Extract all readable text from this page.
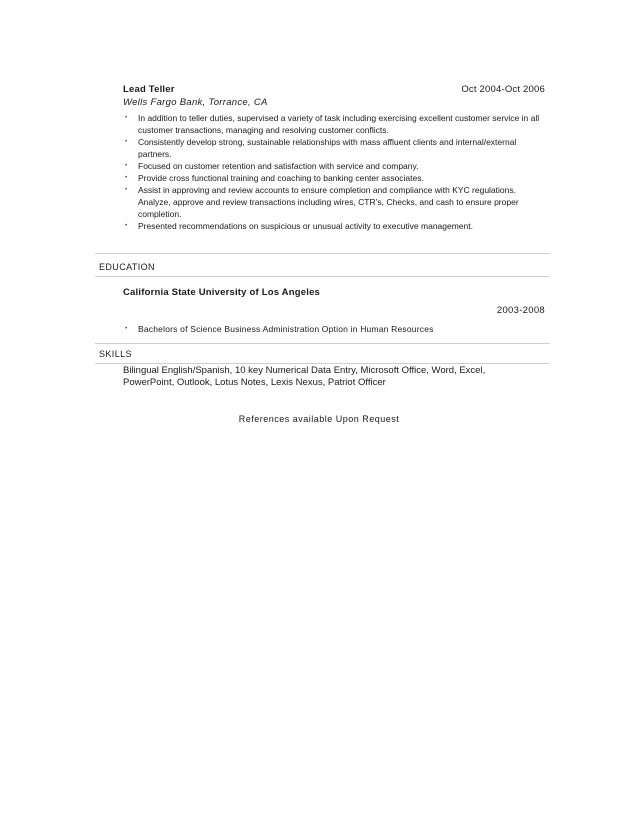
Lead Teller	Oct 2004-Oct 2006
Wells Fargo Bank, Torrance, CA
• In addition to teller duties, supervised a variety of task including exercising excellent customer service in all customer transactions, managing and resolving customer conflicts.
• Consistently develop strong, sustainable relationships with mass affluent clients and internal/external partners.
• Focused on customer retention and satisfaction with service and company.
• Provide cross functional training and coaching to banking center associates.
• Assist in approving and review accounts to ensure completion and compliance with KYC regulations. Analyze, approve and review transactions including wires, CTR’s, Checks, and cash to ensure proper completion.
• Presented recommendations on suspicious or unusual activity to executive management.
EDUCATION
California State University of Los Angeles
2003-2008
• Bachelors of Science Business Administration Option in Human Resources
SKILLS
Bilingual English/Spanish, 10 key Numerical Data Entry, Microsoft Office, Word, Excel, PowerPoint, Outlook, Lotus Notes, Lexis Nexus, Patriot Officer
References available Upon Request
